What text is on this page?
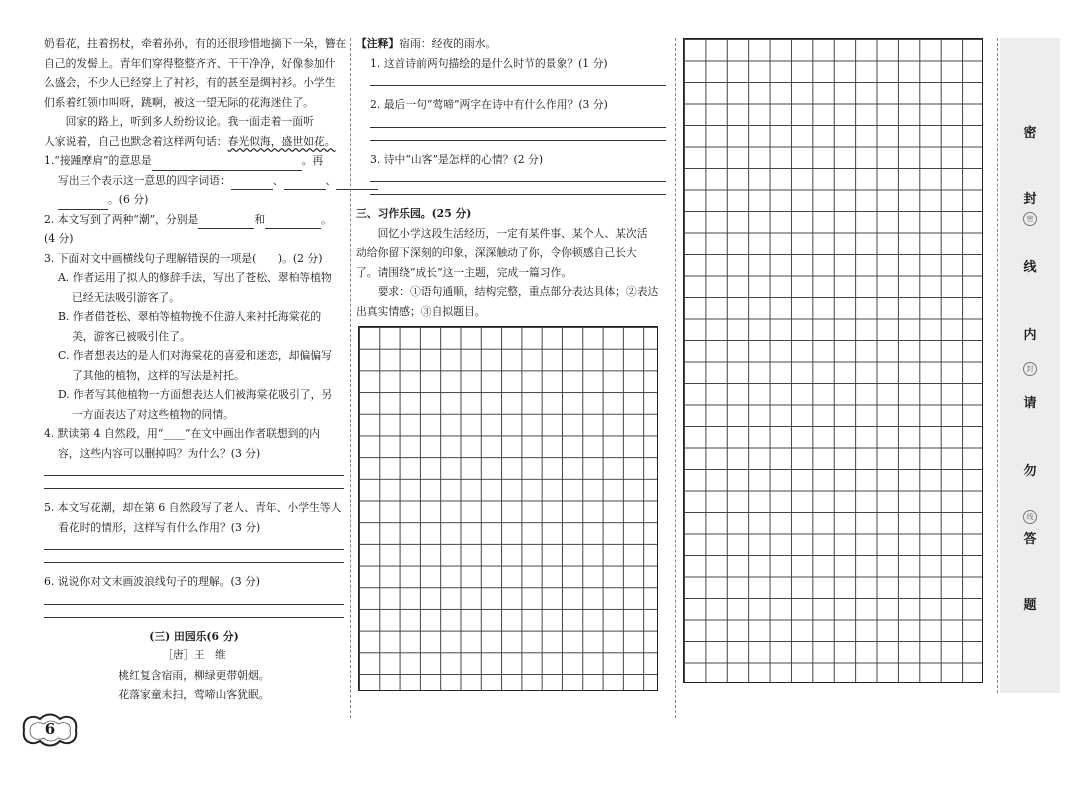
奶看花，拄着拐杖，牵着孙孙，有的还很珍惜地摘下一朵，簪在

自己的发髻上。青年们穿得整整齐齐、干干净净，好像参加什

么盛会，不少人已经穿上了衬衫，有的甚至是绸衬衫。小学生

们系着红领巾叫呀，跳啊，被这一望无际的花海迷住了。

回家的路上，听到多人纷纷议论。我一面走着一面听

人家说着，自己也默念着这样两句话：春光似海，盛世如花。

1.“接踵摩肩”的意思是	。再

写出三个表示这一意思的四字词语：	、	、

。(6 分)

2. 本文写到了两种“潮”，分别是	和	。

(4 分)

3. 下面对文中画横线句子理解错误的一项是(　　)。(2 分)

A. 作者运用了拟人的修辞手法，写出了苍松、翠柏等植物

已经无法吸引游客了。

B. 作者借苍松、翠柏等植物挽不住游人来衬托海棠花的

美，游客已被吸引住了。

C. 作者想表达的是人们对海棠花的喜爱和迷恋，却偏偏写

了其他的植物，这样的写法是衬托。

D. 作者写其他植物一方面想表达人们被海棠花吸引了，另

一方面表达了对这些植物的同情。

4. 默读第 4 自然段，用“____”在文中画出作者联想到的内

容，这些内容可以删掉吗？为什么？(3 分)

5. 本文写花潮，却在第 6 自然段写了老人、青年、小学生等人

看花时的情形，这样写有什么作用？(3 分)

6. 说说你对文末画波浪线句子的理解。(3 分)

(三) 田园乐(6 分)

［唐］王　维

桃红复含宿雨，柳绿更带朝烟。

花落家童未扫，莺啼山客犹眠。

【注释】宿雨：经夜的雨水。

1. 这首诗前两句描绘的是什么时节的景象？(1 分)

2. 最后一句“莺啼”两字在诗中有什么作用？(3 分)

3. 诗中“山客”是怎样的心情？(2 分)

三、习作乐园。(25 分)

回忆小学这段生活经历，一定有某件事、某个人、某次活

动给你留下深刻的印象，深深触动了你，令你顿感自己长大

了。请围绕“成长”这一主题，完成一篇习作。

要求：①语句通顺，结构完整，重点部分表达具体；②表达

出真实情感；③自拟题目。

密
封
线
内
请
勿
答
题
密
封
线
6
